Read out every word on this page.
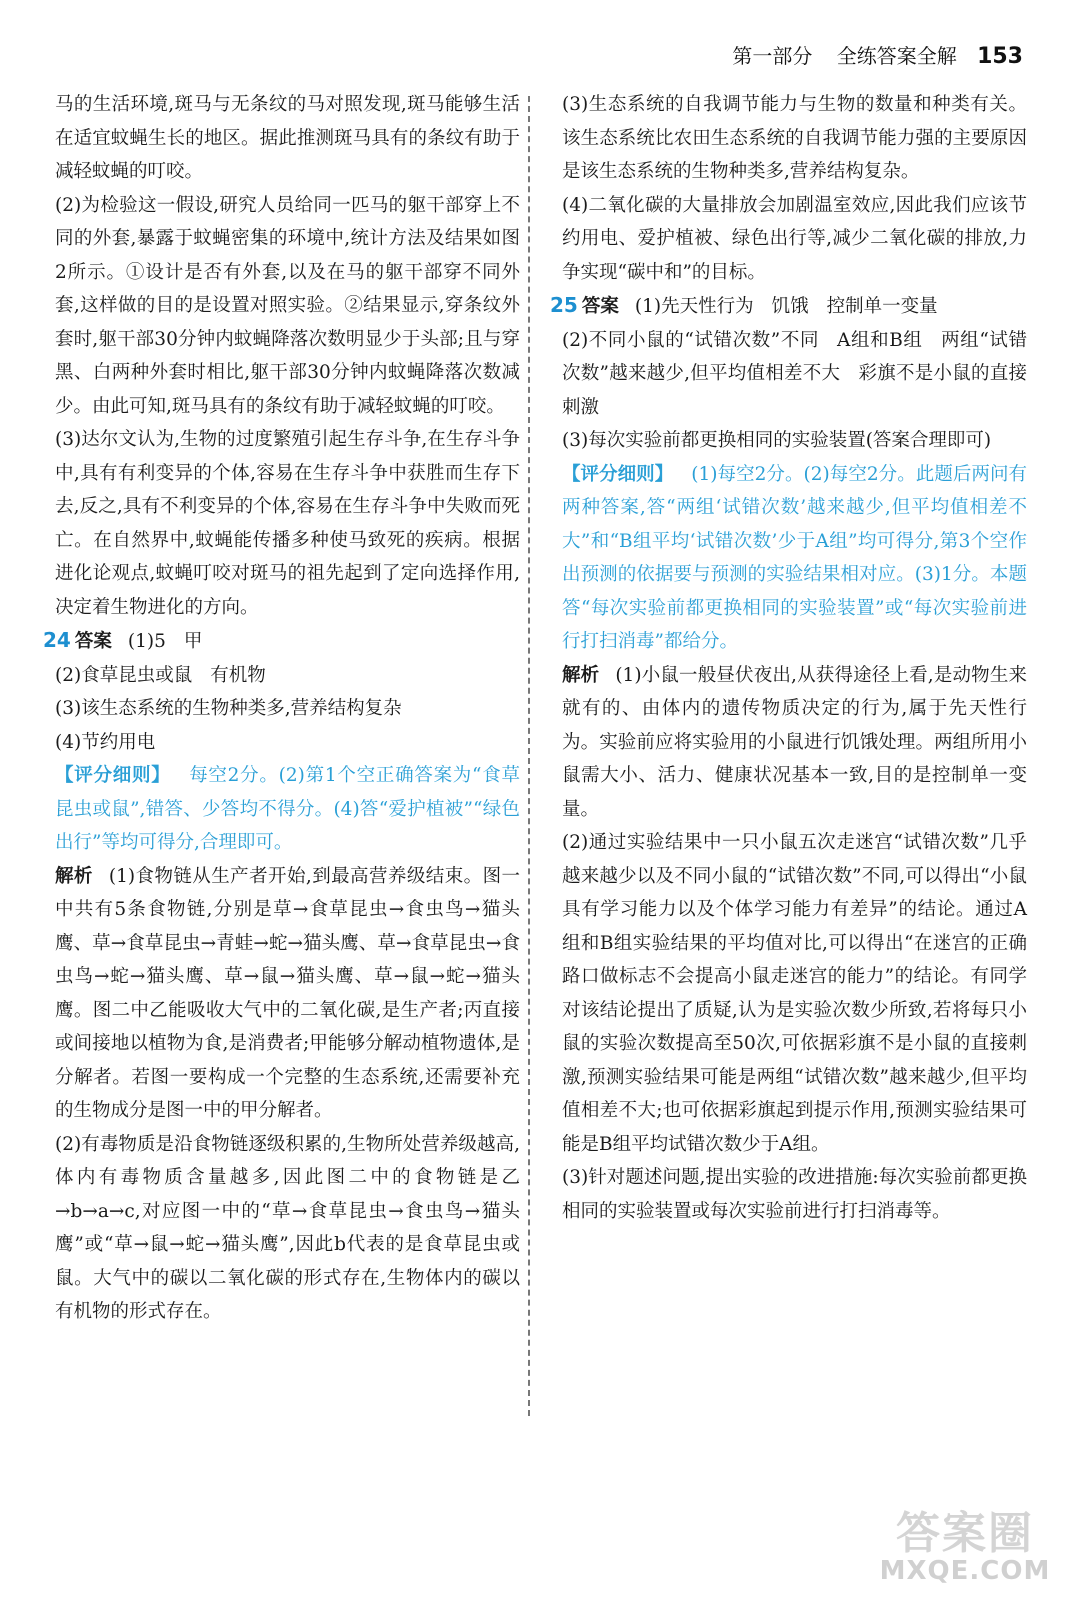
第一部分 全练答案全解 153

马的生活环境,斑马与无条纹的马对照发现,斑马能够生活在适宜蚊蝇生长的地区。据此推测斑马具有的条纹有助于减轻蚊蝇的叮咬。

(2)为检验这一假设,研究人员给同一匹马的躯干部穿上不同的外套,暴露于蚊蝇密集的环境中,统计方法及结果如图2所示。①设计是否有外套,以及在马的躯干部穿不同外套,这样做的目的是设置对照实验。②结果显示,穿条纹外套时,躯干部30分钟内蚊蝇降落次数明显少于头部;且与穿黑、白两种外套时相比,躯干部30分钟内蚊蝇降落次数减少。由此可知,斑马具有的条纹有助于减轻蚊蝇的叮咬。

(3)达尔文认为,生物的过度繁殖引起生存斗争,在生存斗争中,具有有利变异的个体,容易在生存斗争中获胜而生存下去,反之,具有不利变异的个体,容易在生存斗争中失败而死亡。在自然界中,蚊蝇能传播多种使马致死的疾病。根据进化论观点,蚊蝇叮咬对斑马的祖先起到了定向选择作用,决定着生物进化的方向。

24 答案 (1)5 甲

(2)食草昆虫或鼠 有机物

(3)该生态系统的生物种类多,营养结构复杂

(4)节约用电

【评分细则】 每空2分。(2)第1个空正确答案为“食草昆虫或鼠”,错答、少答均不得分。(4)答“爱护植被”“绿色出行”等均可得分,合理即可。

解析 (1)食物链从生产者开始,到最高营养级结束。图一中共有5条食物链,分别是草→食草昆虫→食虫鸟→猫头鹰、草→食草昆虫→青蛙→蛇→猫头鹰、草→食草昆虫→食虫鸟→蛇→猫头鹰、草→鼠→猫头鹰、草→鼠→蛇→猫头鹰。图二中乙能吸收大气中的二氧化碳,是生产者;丙直接或间接地以植物为食,是消费者;甲能够分解动植物遗体,是分解者。若图一要构成一个完整的生态系统,还需要补充的生物成分是图一中的甲分解者。

(2)有毒物质是沿食物链逐级积累的,生物所处营养级越高,体内有毒物质含量越多,因此图二中的食物链是乙→b→a→c,对应图一中的“草→食草昆虫→食虫鸟→猫头鹰”或“草→鼠→蛇→猫头鹰”,因此b代表的是食草昆虫或鼠。大气中的碳以二氧化碳的形式存在,生物体内的碳以有机物的形式存在。

(3)生态系统的自我调节能力与生物的数量和种类有关。该生态系统比农田生态系统的自我调节能力强的主要原因是该生态系统的生物种类多,营养结构复杂。

(4)二氧化碳的大量排放会加剧温室效应,因此我们应该节约用电、爱护植被、绿色出行等,减少二氧化碳的排放,力争实现“碳中和”的目标。

25 答案 (1)先天性行为 饥饿 控制单一变量

(2)不同小鼠的“试错次数”不同 A组和B组 两组“试错次数”越来越少,但平均值相差不大 彩旗不是小鼠的直接刺激

(3)每次实验前都更换相同的实验装置(答案合理即可)

【评分细则】 (1)每空2分。(2)每空2分。此题后两问有两种答案,答“两组‘试错次数’越来越少,但平均值相差不大”和“B组平均‘试错次数’少于A组”均可得分,第3个空作出预测的依据要与预测的实验结果相对应。(3)1分。本题答“每次实验前都更换相同的实验装置”或“每次实验前进行打扫消毒”都给分。

解析 (1)小鼠一般昼伏夜出,从获得途径上看,是动物生来就有的、由体内的遗传物质决定的行为,属于先天性行为。实验前应将实验用的小鼠进行饥饿处理。两组所用小鼠需大小、活力、健康状况基本一致,目的是控制单一变量。

(2)通过实验结果中一只小鼠五次走迷宫“试错次数”几乎越来越少以及不同小鼠的“试错次数”不同,可以得出“小鼠具有学习能力以及个体学习能力有差异”的结论。通过A组和B组实验结果的平均值对比,可以得出“在迷宫的正确路口做标志不会提高小鼠走迷宫的能力”的结论。有同学对该结论提出了质疑,认为是实验次数少所致,若将每只小鼠的实验次数提高至50次,可依据彩旗不是小鼠的直接刺激,预测实验结果可能是两组“试错次数”越来越少,但平均值相差不大;也可依据彩旗起到提示作用,预测实验结果可能是B组平均试错次数少于A组。

(3)针对题述问题,提出实验的改进措施:每次实验前都更换相同的实验装置或每次实验前进行打扫消毒等。

答案圈
MXQE.COM
